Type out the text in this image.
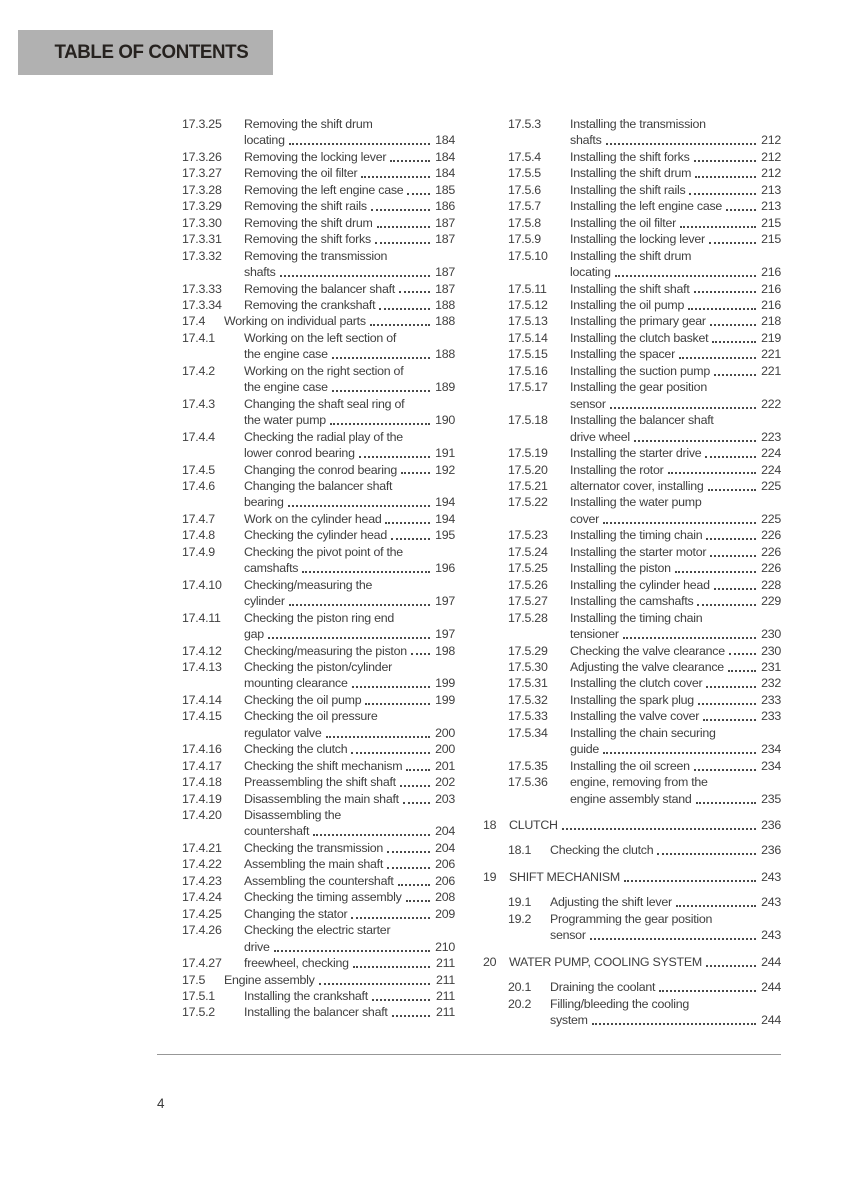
TABLE OF CONTENTS
17.3.25	Removing the shift drum
locating	184
17.3.26	Removing the locking lever	184
17.3.27	Removing the oil filter	184
17.3.28	Removing the left engine case	185
17.3.29	Removing the shift rails	186
17.3.30	Removing the shift drum	187
17.3.31	Removing the shift forks	187
17.3.32	Removing the transmission
shafts	187
17.3.33	Removing the balancer shaft	187
17.3.34	Removing the crankshaft	188
17.4	Working on individual parts	188
17.4.1	Working on the left section of
the engine case	188
17.4.2	Working on the right section of
the engine case	189
17.4.3	Changing the shaft seal ring of
the water pump	190
17.4.4	Checking the radial play of the
lower conrod bearing	191
17.4.5	Changing the conrod bearing	192
17.4.6	Changing the balancer shaft
bearing	194
17.4.7	Work on the cylinder head	194
17.4.8	Checking the cylinder head	195
17.4.9	Checking the pivot point of the
camshafts	196
17.4.10	Checking/measuring the
cylinder	197
17.4.11	Checking the piston ring end
gap	197
17.4.12	Checking/measuring the piston 198
17.4.13	Checking the piston/cylinder
mounting clearance	199
17.4.14	Checking the oil pump	199
17.4.15	Checking the oil pressure
regulator valve	200
17.4.16	Checking the clutch	200
17.4.17	Checking the shift mechanism	201
17.4.18	Preassembling the shift shaft	202
17.4.19	Disassembling the main shaft	203
17.4.20	Disassembling the
countershaft	204
17.4.21	Checking the transmission	204
17.4.22	Assembling the main shaft	206
17.4.23	Assembling the countershaft	206
17.4.24	Checking the timing assembly	208
17.4.25	Changing the stator	209
17.4.26	Checking the electric starter
drive	210
17.4.27	freewheel, checking	211
17.5	Engine assembly	211
17.5.1	Installing the crankshaft	211
17.5.2	Installing the balancer shaft	211
17.5.3	Installing the transmission
shafts	212
17.5.4	Installing the shift forks	212
17.5.5	Installing the shift drum	212
17.5.6	Installing the shift rails	213
17.5.7	Installing the left engine case	213
17.5.8	Installing the oil filter	215
17.5.9	Installing the locking lever	215
17.5.10	Installing the shift drum
locating	216
17.5.11	Installing the shift shaft	216
17.5.12	Installing the oil pump	216
17.5.13	Installing the primary gear	218
17.5.14	Installing the clutch basket	219
17.5.15	Installing the spacer	221
17.5.16	Installing the suction pump	221
17.5.17	Installing the gear position
sensor	222
17.5.18	Installing the balancer shaft
drive wheel	223
17.5.19	Installing the starter drive	224
17.5.20	Installing the rotor	224
17.5.21	alternator cover, installing	225
17.5.22	Installing the water pump
cover	225
17.5.23	Installing the timing chain	226
17.5.24	Installing the starter motor	226
17.5.25	Installing the piston	226
17.5.26	Installing the cylinder head	228
17.5.27	Installing the camshafts	229
17.5.28	Installing the timing chain
tensioner	230
17.5.29	Checking the valve clearance	230
17.5.30	Adjusting the valve clearance	231
17.5.31	Installing the clutch cover	232
17.5.32	Installing the spark plug	233
17.5.33	Installing the valve cover	233
17.5.34	Installing the chain securing
guide	234
17.5.35	Installing the oil screen	234
17.5.36	engine, removing from the
engine assembly stand	235
18	CLUTCH	236
18.1	Checking the clutch	236
19	SHIFT MECHANISM	243
19.1	Adjusting the shift lever	243
19.2	Programming the gear position
sensor	243
20	WATER PUMP, COOLING SYSTEM	244
20.1	Draining the coolant	244
20.2	Filling/bleeding the cooling
system	244
4
